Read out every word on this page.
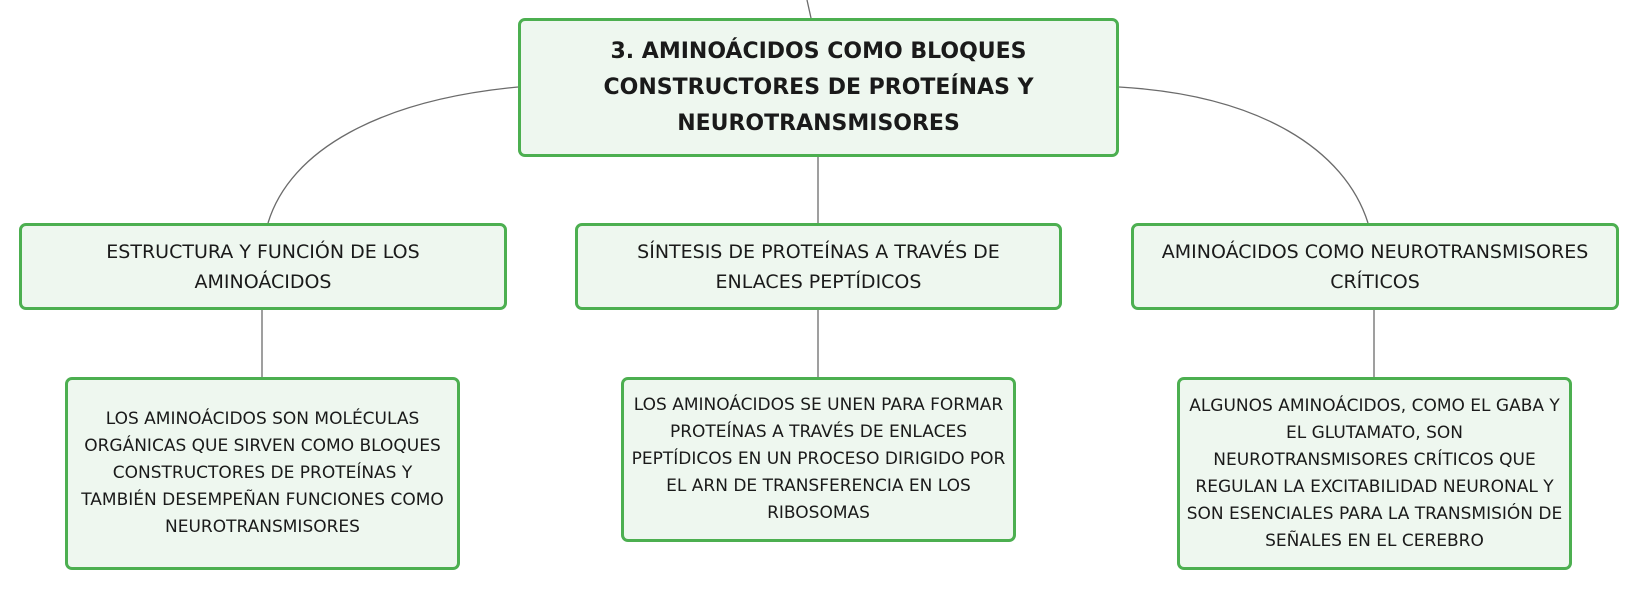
3. AMINOÁCIDOS COMO BLOQUES CONSTRUCTORES DE PROTEÍNAS Y NEUROTRANSMISORES
ESTRUCTURA Y FUNCIÓN DE LOS AMINOÁCIDOS
SÍNTESIS DE PROTEÍNAS A TRAVÉS DE ENLACES PEPTÍDICOS
AMINOÁCIDOS COMO NEUROTRANSMISORES CRÍTICOS
LOS AMINOÁCIDOS SON MOLÉCULAS ORGÁNICAS QUE SIRVEN COMO BLOQUES CONSTRUCTORES DE PROTEÍNAS Y TAMBIÉN DESEMPEÑAN FUNCIONES COMO NEUROTRANSMISORES
LOS AMINOÁCIDOS SE UNEN PARA FORMAR PROTEÍNAS A TRAVÉS DE ENLACES PEPTÍDICOS EN UN PROCESO DIRIGIDO POR EL ARN DE TRANSFERENCIA EN LOS RIBOSOMAS
ALGUNOS AMINOÁCIDOS, COMO EL GABA Y EL GLUTAMATO, SON NEUROTRANSMISORES CRÍTICOS QUE REGULAN LA EXCITABILIDAD NEURONAL Y SON ESENCIALES PARA LA TRANSMISIÓN DE SEÑALES EN EL CEREBRO
